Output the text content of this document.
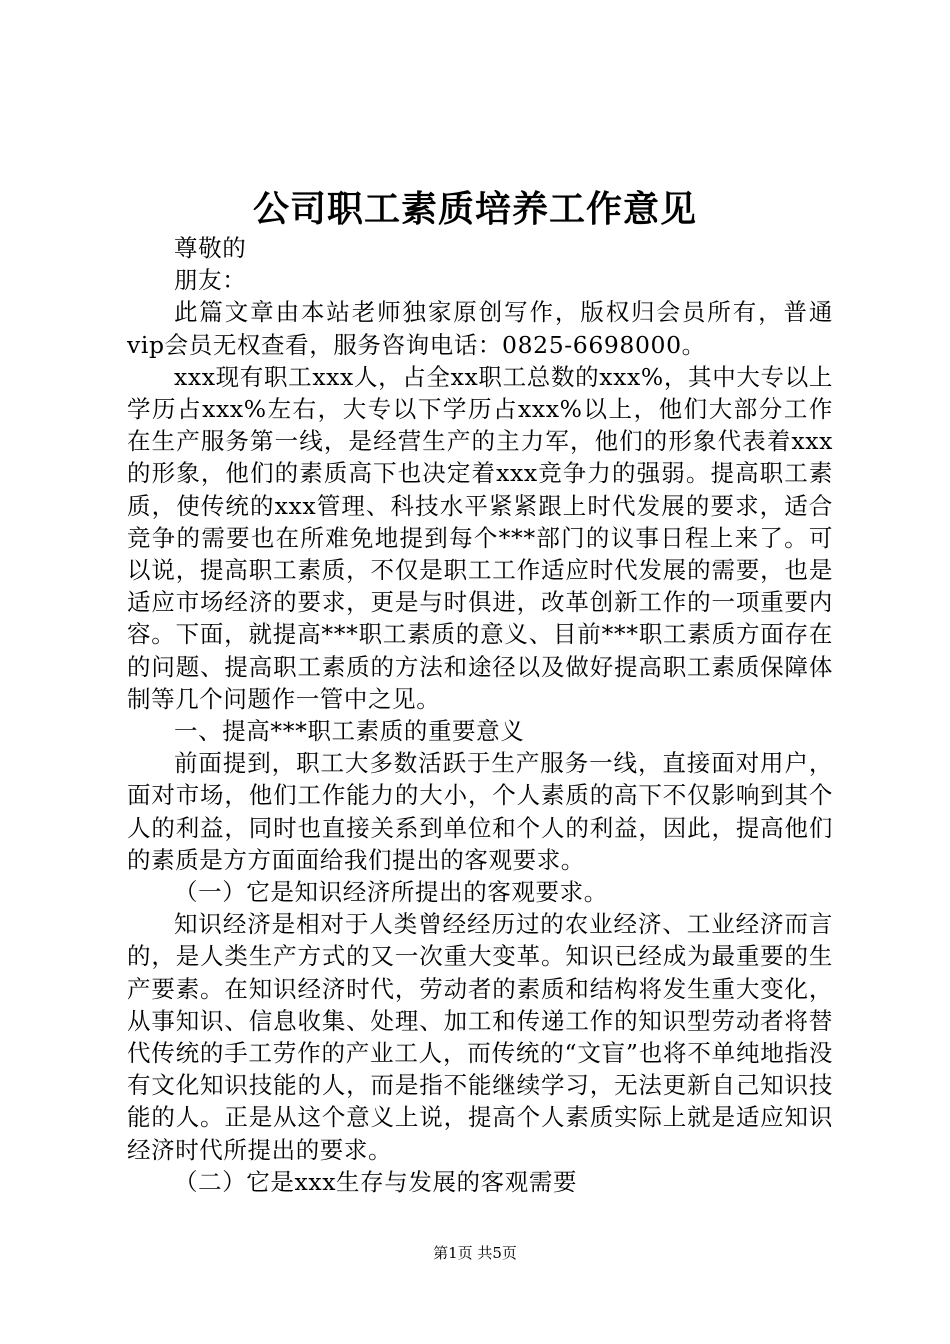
公司职工素质培养工作意见

尊敬的

朋友：

此篇文章由本站老师独家原创写作，版权归会员所有，普通vip会员无权查看，服务咨询电话：0825-6698000。

xxx现有职工xxx人，占全xx职工总数的xxx%，其中大专以上学历占xxx%左右，大专以下学历占xxx%以上，他们大部分工作在生产服务第一线，是经营生产的主力军，他们的形象代表着xxx的形象，他们的素质高下也决定着xxx竞争力的强弱。提高职工素质，使传统的xxx管理、科技水平紧紧跟上时代发展的要求，适合竞争的需要也在所难免地提到每个***部门的议事日程上来了。可以说，提高职工素质，不仅是职工工作适应时代发展的需要，也是适应市场经济的要求，更是与时俱进，改革创新工作的一项重要内容。下面，就提高***职工素质的意义、目前***职工素质方面存在的问题、提高职工素质的方法和途径以及做好提高职工素质保障体制等几个问题作一管中之见。

一、提高***职工素质的重要意义

前面提到，职工大多数活跃于生产服务一线，直接面对用户，面对市场，他们工作能力的大小，个人素质的高下不仅影响到其个人的利益，同时也直接关系到单位和个人的利益，因此，提高他们的素质是方方面面给我们提出的客观要求。

（一）它是知识经济所提出的客观要求。

知识经济是相对于人类曾经经历过的农业经济、工业经济而言的，是人类生产方式的又一次重大变革。知识已经成为最重要的生产要素。在知识经济时代，劳动者的素质和结构将发生重大变化，从事知识、信息收集、处理、加工和传递工作的知识型劳动者将替代传统的手工劳作的产业工人，而传统的“文盲”也将不单纯地指没有文化知识技能的人，而是指不能继续学习，无法更新自己知识技能的人。正是从这个意义上说，提高个人素质实际上就是适应知识经济时代所提出的要求。

（二）它是xxx生存与发展的客观需要

第1页 共5页
